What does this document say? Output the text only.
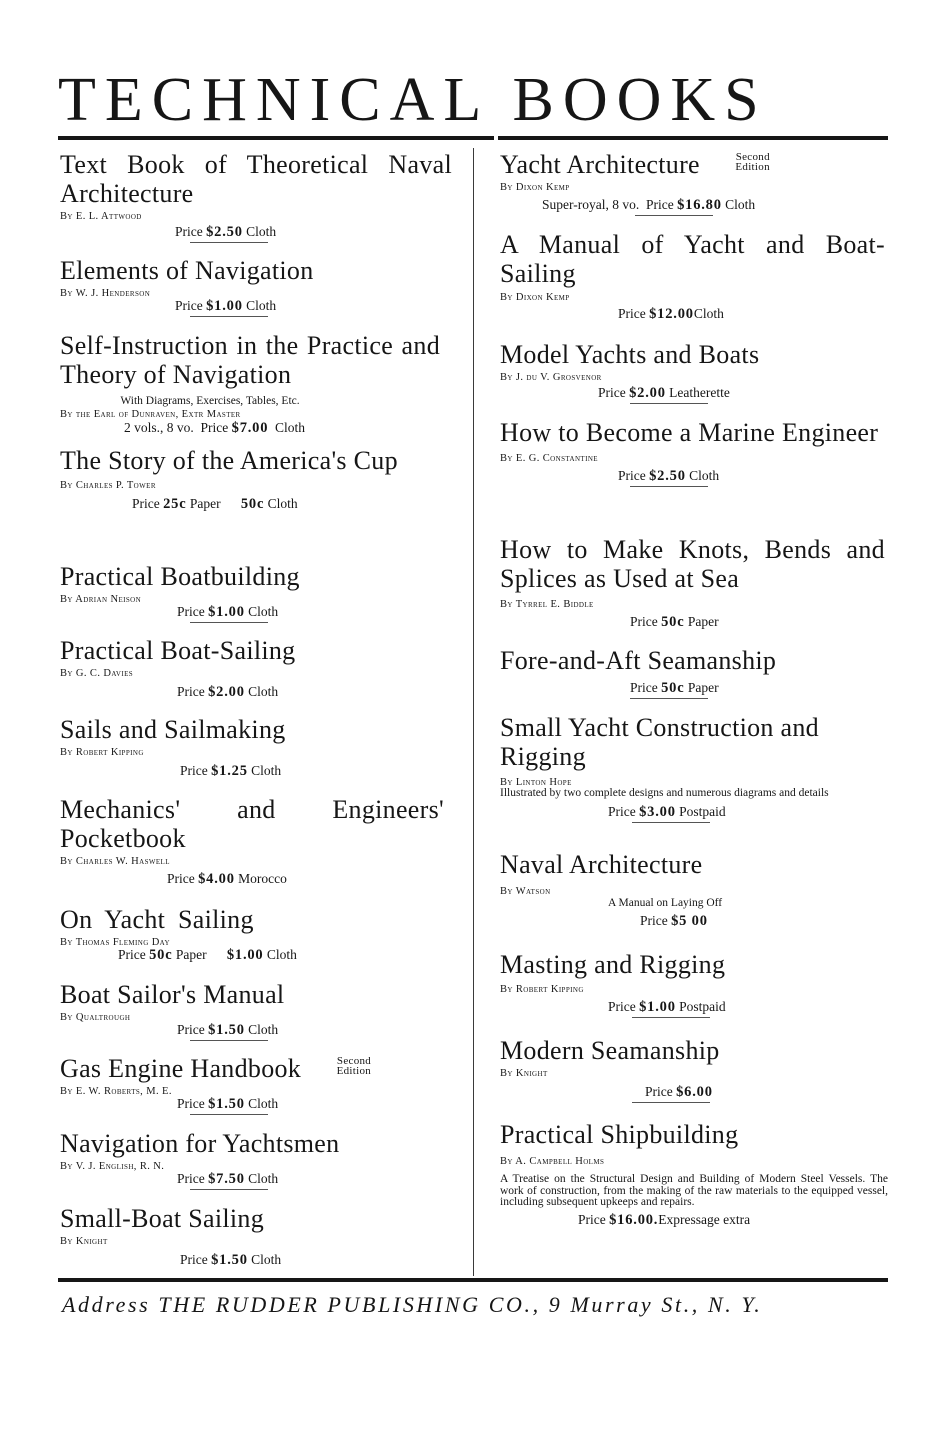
TECHNICAL BOOKS
Text Book of Theoretical Naval Architecture
By E. L. Attwood
Price $2.50 Cloth
Elements of Navigation
By W. J. Henderson
Price $1.00 Cloth
Self-Instruction in the Practice and Theory of Navigation
With Diagrams, Exercises, Tables, Etc.
By the Earl of Dunraven, Extr Master
2 vols., 8 vo. Price $7.00 Cloth
The Story of the America's Cup
By Charles P. Tower
Price 25c Paper 50c Cloth
Practical Boatbuilding
By Adrian Neison
Price $1.00 Cloth
Practical Boat-Sailing
By G. C. Davies
Price $2.00 Cloth
Sails and Sailmaking
By Robert Kipping
Price $1.25 Cloth
Mechanics' and Engineers' Pocketbook
By Charles W. Haswell
Price $4.00 Morocco
On Yacht Sailing
By Thomas Fleming Day
Price 50c Paper $1.00 Cloth
Boat Sailor's Manual
By Qualtrough
Price $1.50 Cloth
Gas Engine Handbook	Second Edition
By E. W. Roberts, M. E.
Price $1.50 Cloth
Navigation for Yachtsmen
By V. J. English, R. N.
Price $7.50 Cloth
Small-Boat Sailing
By Knight
Price $1.50 Cloth
Yacht Architecture	Second Edition
By Dixon Kemp
Super-royal, 8 vo. Price $16.80 Cloth
A Manual of Yacht and Boat-Sailing
By Dixon Kemp
Price $12.00Cloth
Model Yachts and Boats
By J. du V. Grosvenor
Price $2.00 Leatherette
How to Become a Marine Engineer
By E. G. Constantine
Price $2.50 Cloth
How to Make Knots, Bends and Splices as Used at Sea
By Tyrrel E. Biddle
Price 50c Paper
Fore-and-Aft Seamanship
Price 50c Paper
Small Yacht Construction and Rigging
By Linton Hope
Illustrated by two complete designs and numerous diagrams and details
Price $3.00 Postpaid
Naval Architecture
By Watson
A Manual on Laying Off
Price $5 00
Masting and Rigging
By Robert Kipping
Price $1.00 Postpaid
Modern Seamanship
By Knight
Price $6.00
Practical Shipbuilding
By A. Campbell Holms
A Treatise on the Structural Design and Building of Modern Steel Vessels. The work of construction, from the making of the raw materials to the equipped vessel, including subsequent upkeeps and repairs.
Price $16.00.Expressage extra
Address THE RUDDER PUBLISHING CO., 9 Murray St., N. Y.
